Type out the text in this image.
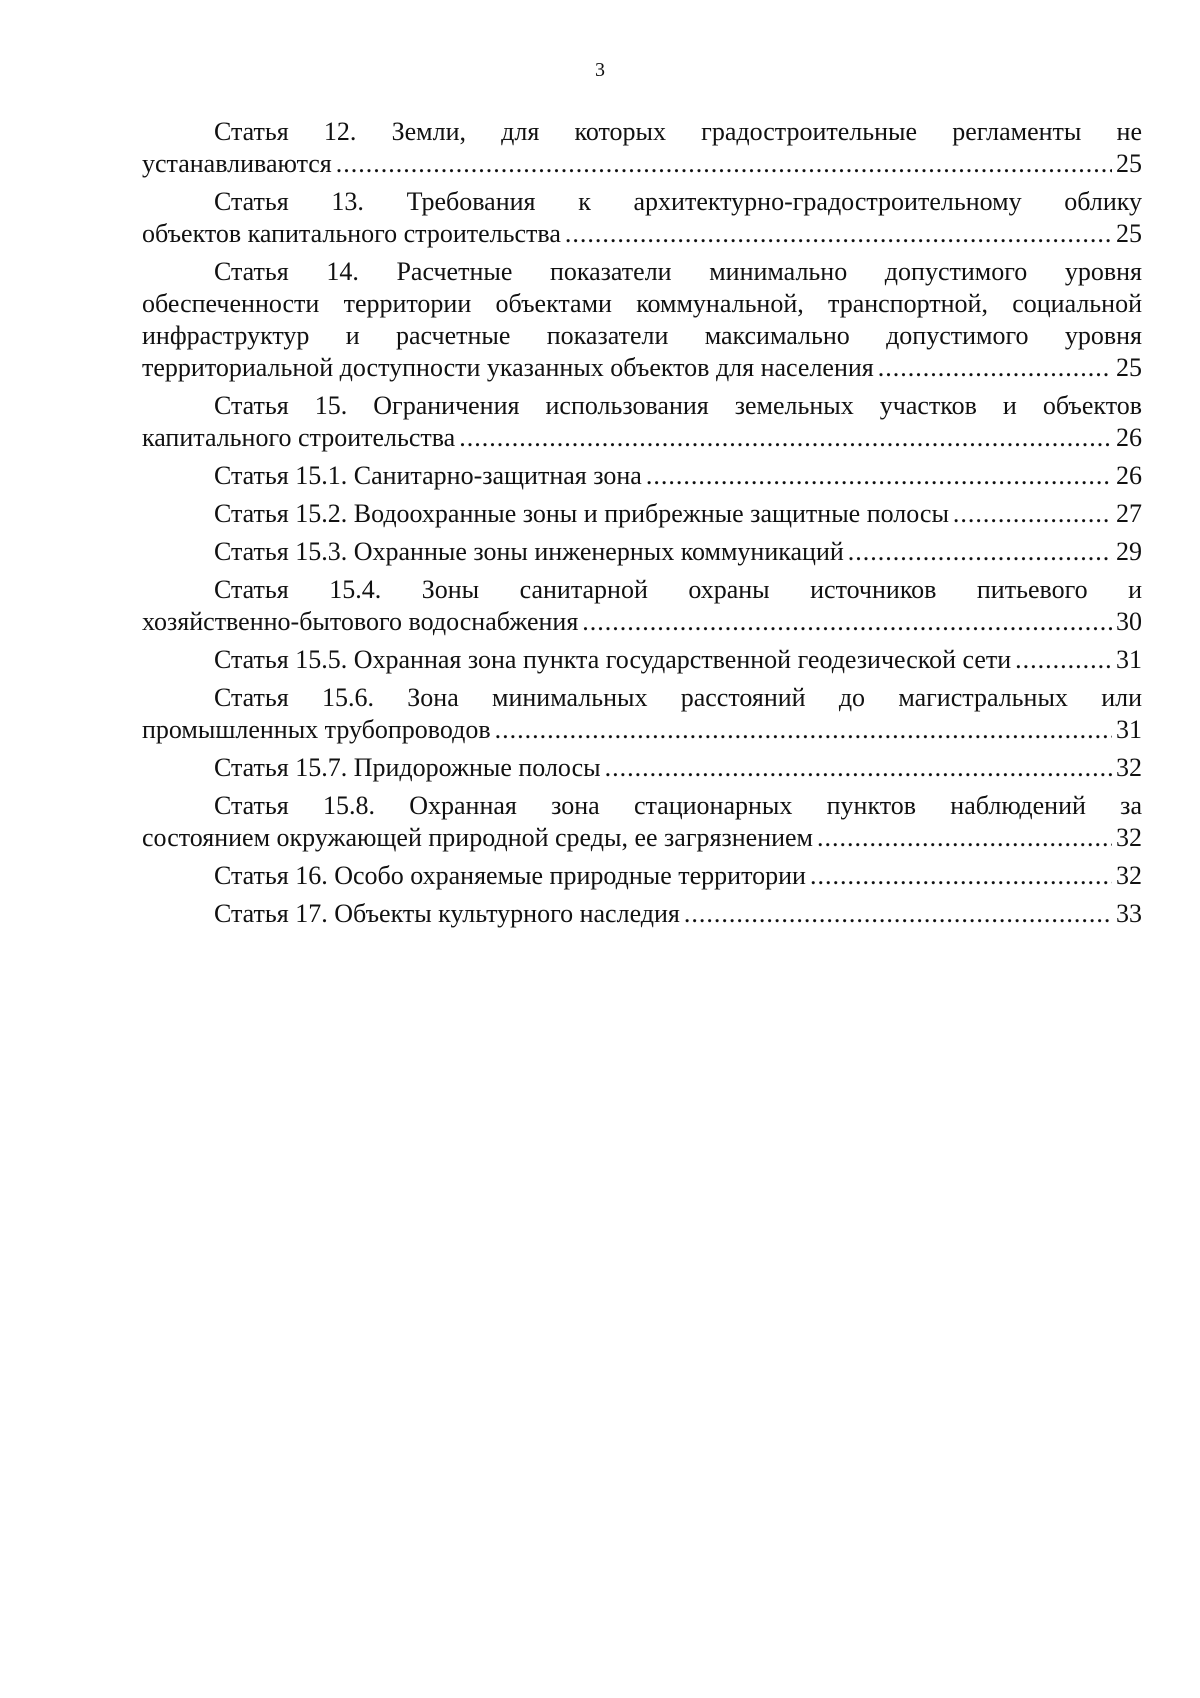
3
Статья 12. Земли, для которых градостроительные регламенты не
устанавливаются .....	25
Статья 13. Требования к архитектурно-градостроительному облику
объектов капитального строительства .....	25
Статья 14. Расчетные показатели минимально допустимого уровня
обеспеченности территории объектами коммунальной, транспортной, социальной
инфраструктур и расчетные показатели максимально допустимого уровня
территориальной доступности указанных объектов для населения .....	25
Статья 15. Ограничения использования земельных участков и объектов
капитального строительства .....	26
Статья 15.1. Санитарно-защитная зона .....	26
Статья 15.2. Водоохранные зоны и прибрежные защитные полосы .....	27
Статья 15.3. Охранные зоны инженерных коммуникаций .....	29
Статья 15.4. Зоны санитарной охраны источников питьевого и
хозяйственно-бытового водоснабжения .....	30
Статья 15.5. Охранная зона пункта государственной геодезической сети .....	31
Статья 15.6. Зона минимальных расстояний до магистральных или
промышленных трубопроводов .....	31
Статья 15.7. Придорожные полосы .....	32
Статья 15.8. Охранная зона стационарных пунктов наблюдений за
состоянием окружающей природной среды, ее загрязнением .....	32
Статья 16. Особо охраняемые природные территории .....	32
Статья 17. Объекты культурного наследия .....	33
